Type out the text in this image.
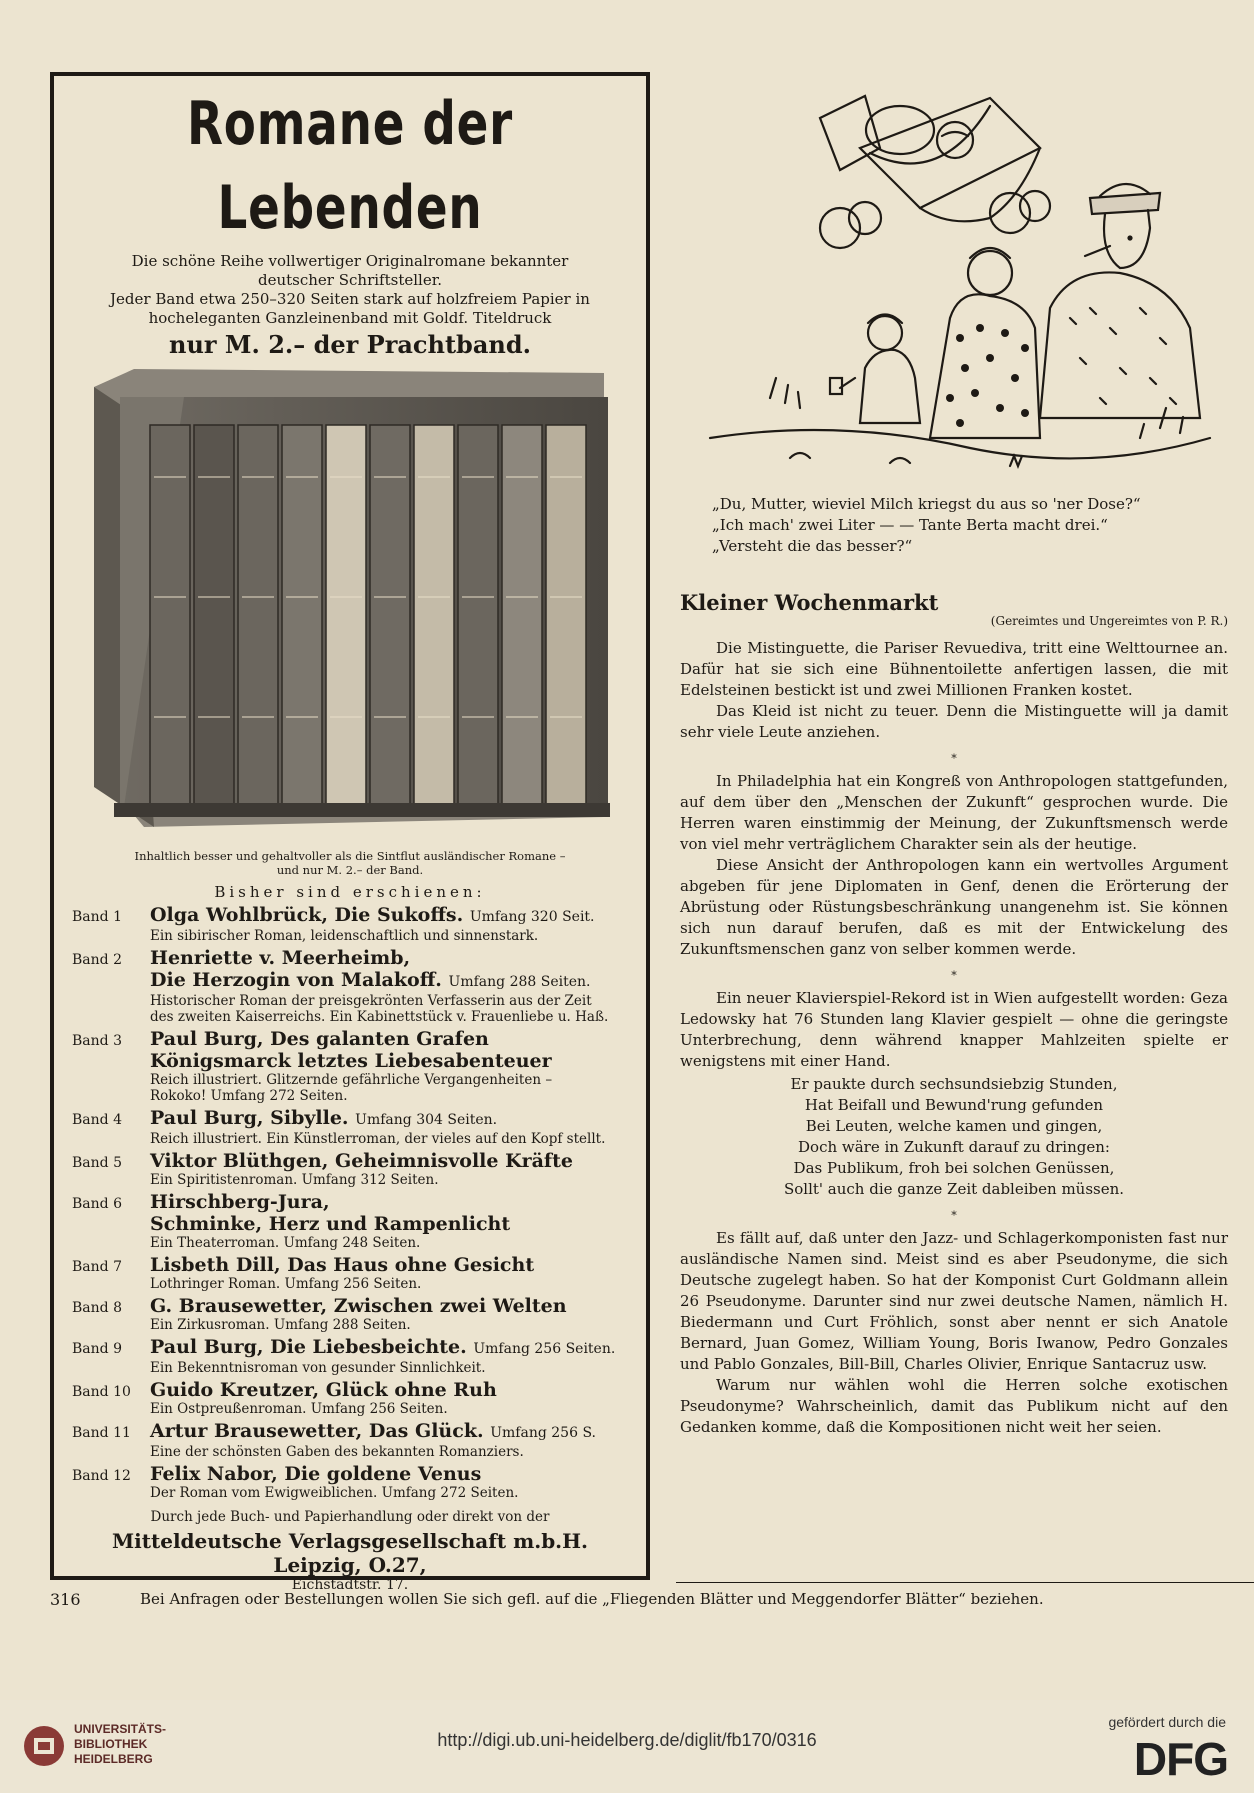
Romane der Lebenden
Die schöne Reihe vollwertiger Originalromane bekannter
deutscher Schriftsteller.
Jeder Band etwa 250–320 Seiten stark auf holzfreiem Papier in
hocheleganten Ganzleinenband mit Goldf. Titeldruck
nur M. 2.– der Prachtband.
Inhaltlich besser und gehaltvoller als die Sintflut ausländischer Romane –
und nur M. 2.– der Band.
Bisher sind erschienen:
Band 1	Olga Wohlbrück, Die Sukoffs. Umfang 320 Seit.
Ein sibirischer Roman, leidenschaftlich und sinnenstark.
Band 2	Henriette v. Meerheimb,
Die Herzogin von Malakoff. Umfang 288 Seiten.
Historischer Roman der preisgekrönten Verfasserin aus der Zeit
des zweiten Kaiserreichs. Ein Kabinettstück v. Frauenliebe u. Haß.
Band 3	Paul Burg, Des galanten Grafen
Königsmarck letztes Liebesabenteuer
Reich illustriert. Glitzernde gefährliche Vergangenheiten –
Rokoko! Umfang 272 Seiten.
Band 4	Paul Burg, Sibylle. Umfang 304 Seiten.
Reich illustriert. Ein Künstlerroman, der vieles auf den Kopf stellt.
Band 5	Viktor Blüthgen, Geheimnisvolle Kräfte
Ein Spiritistenroman. Umfang 312 Seiten.
Band 6	Hirschberg-Jura,
Schminke, Herz und Rampenlicht
Ein Theaterroman. Umfang 248 Seiten.
Band 7	Lisbeth Dill, Das Haus ohne Gesicht
Lothringer Roman. Umfang 256 Seiten.
Band 8	G. Brausewetter, Zwischen zwei Welten
Ein Zirkusroman. Umfang 288 Seiten.
Band 9	Paul Burg, Die Liebesbeichte. Umfang 256 Seiten.
Ein Bekenntnisroman von gesunder Sinnlichkeit.
Band 10	Guido Kreutzer, Glück ohne Ruh
Ein Ostpreußenroman. Umfang 256 Seiten.
Band 11	Artur Brausewetter, Das Glück. Umfang 256 S.
Eine der schönsten Gaben des bekannten Romanziers.
Band 12	Felix Nabor, Die goldene Venus
Der Roman vom Ewigweiblichen. Umfang 272 Seiten.
Durch jede Buch- und Papierhandlung oder direkt von der
Mitteldeutsche Verlagsgesellschaft m.b.H. Leipzig, O.27,
Eichstädtstr. 17.
„Du, Mutter, wieviel Milch kriegst du aus so 'ner Dose?“
„Ich mach' zwei Liter — — Tante Berta macht drei.“
„Versteht die das besser?“
Kleiner Wochenmarkt
(Gereimtes und Ungereimtes von P. R.)

Die Mistinguette, die Pariser Revuediva, tritt eine Welttournee an. Dafür hat sie sich eine Bühnentoilette anfertigen lassen, die mit Edelsteinen bestickt ist und zwei Millionen Franken kostet.

Das Kleid ist nicht zu teuer. Denn die Mistinguette will ja damit sehr viele Leute anziehen.

*

In Philadelphia hat ein Kongreß von Anthropologen stattgefunden, auf dem über den „Menschen der Zukunft“ gesprochen wurde. Die Herren waren einstimmig der Meinung, der Zukunftsmensch werde von viel mehr verträglichem Charakter sein als der heutige.

Diese Ansicht der Anthropologen kann ein wertvolles Argument abgeben für jene Diplomaten in Genf, denen die Erörterung der Abrüstung oder Rüstungsbeschränkung unangenehm ist. Sie können sich nun darauf berufen, daß es mit der Entwickelung des Zukunftsmenschen ganz von selber kommen werde.

*

Ein neuer Klavierspiel-Rekord ist in Wien aufgestellt worden: Geza Ledowsky hat 76 Stunden lang Klavier gespielt — ohne die geringste Unterbrechung, denn während knapper Mahlzeiten spielte er wenigstens mit einer Hand.

Er paukte durch sechsundsiebzig Stunden,
Hat Beifall und Bewund'rung gefunden
Bei Leuten, welche kamen und gingen,
Doch wäre in Zukunft darauf zu dringen:
Das Publikum, froh bei solchen Genüssen,
Sollt' auch die ganze Zeit dableiben müssen.
*

Es fällt auf, daß unter den Jazz- und Schlagerkomponisten fast nur ausländische Namen sind. Meist sind es aber Pseudonyme, die sich Deutsche zugelegt haben. So hat der Komponist Curt Goldmann allein 26 Pseudonyme. Darunter sind nur zwei deutsche Namen, nämlich H. Biedermann und Curt Fröhlich, sonst aber nennt er sich Anatole Bernard, Juan Gomez, William Young, Boris Iwanow, Pedro Gonzales und Pablo Gonzales, Bill-Bill, Charles Olivier, Enrique Santacruz usw.

Warum nur wählen wohl die Herren solche exotischen Pseudonyme? Wahrscheinlich, damit das Publikum nicht auf den Gedanken komme, daß die Kompositionen nicht weit her seien.

316	Bei Anfragen oder Bestellungen wollen Sie sich gefl. auf die „Fliegenden Blätter und Meggendorfer Blätter“ beziehen.
UNIVERSITÄTS-
BIBLIOTHEK
HEIDELBERG
http://digi.ub.uni-heidelberg.de/diglit/fb170/0316
gefördert durch die
DFG
